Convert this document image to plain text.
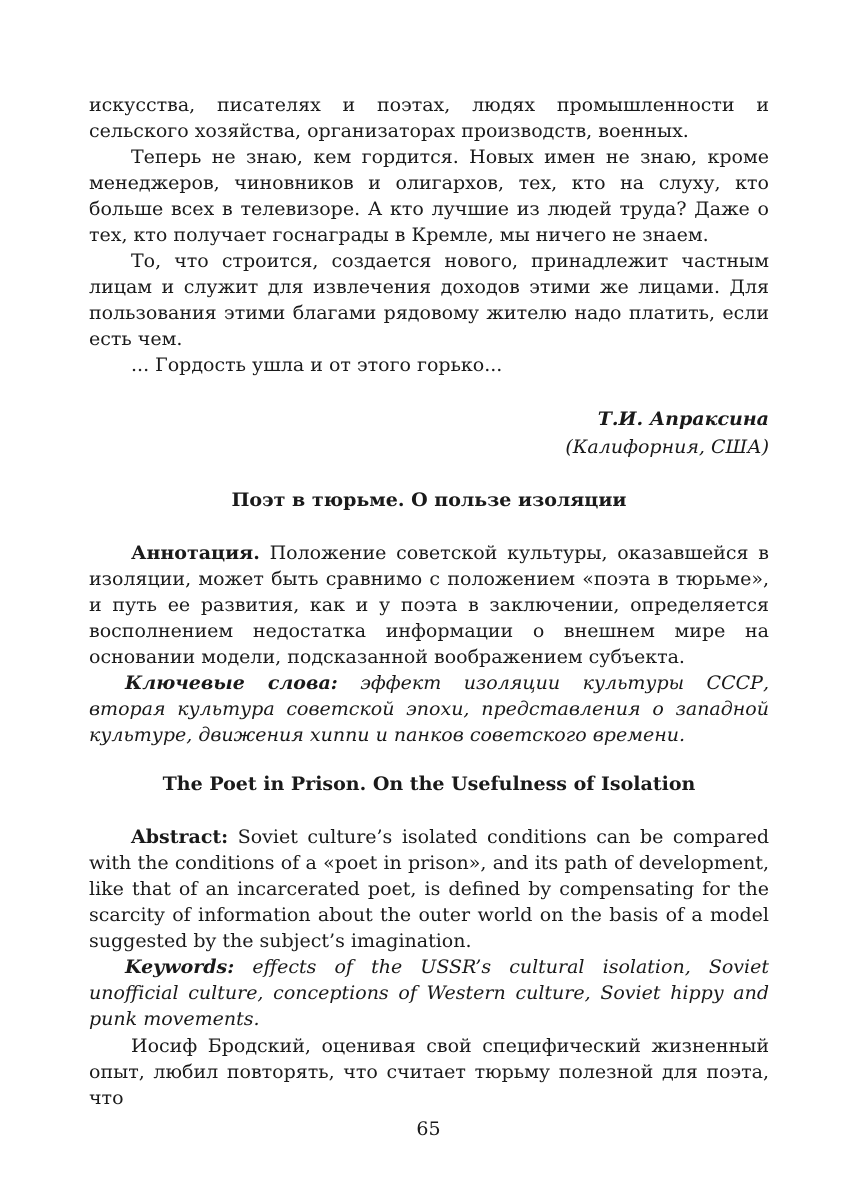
искусства, писателях и поэтах, людях промышленности и сельского хозяйства, организаторах производств, военных.

Теперь не знаю, кем гордится. Новых имен не знаю, кроме менеджеров, чиновников и олигархов, тех, кто на слуху, кто больше всех в телевизоре. А кто лучшие из людей труда? Даже о тех, кто получает госнаграды в Кремле, мы ничего не знаем.

То, что строится, создается нового, принадлежит частным лицам и служит для извлечения доходов этими же лицами. Для пользования этими благами рядовому жителю надо платить, если есть чем.

... Гордость ушла и от этого горько...

Т.И. Апраксина
(Калифорния, США)
Поэт в тюрьме. О пользе изоляции

Аннотация. Положение советской культуры, оказавшейся в изоляции, может быть сравнимо с положением «поэта в тюрьме», и путь ее развития, как и у поэта в заключении, определяется восполнением недостатка информации о внешнем мире на основании модели, подсказанной воображением субъекта.

Ключевые слова: эффект изоляции культуры СССР, вторая культура советской эпохи, представления о западной культуре, движения хиппи и панков советского времени.

The Poet in Prison. On the Usefulness of Isolation

Abstract: Soviet culture’s isolated conditions can be compared with the conditions of a «poet in prison», and its path of development, like that of an incarcerated poet, is defined by compensating for the scarcity of information about the outer world on the basis of a model suggested by the subject’s imagination.

Keywords: effects of the USSR’s cultural isolation, Soviet unofficial culture, conceptions of Western culture, Soviet hippy and punk movements.

Иосиф Бродский, оценивая свой специфический жизненный опыт, любил повторять, что считает тюрьму полезной для поэта, что

65
